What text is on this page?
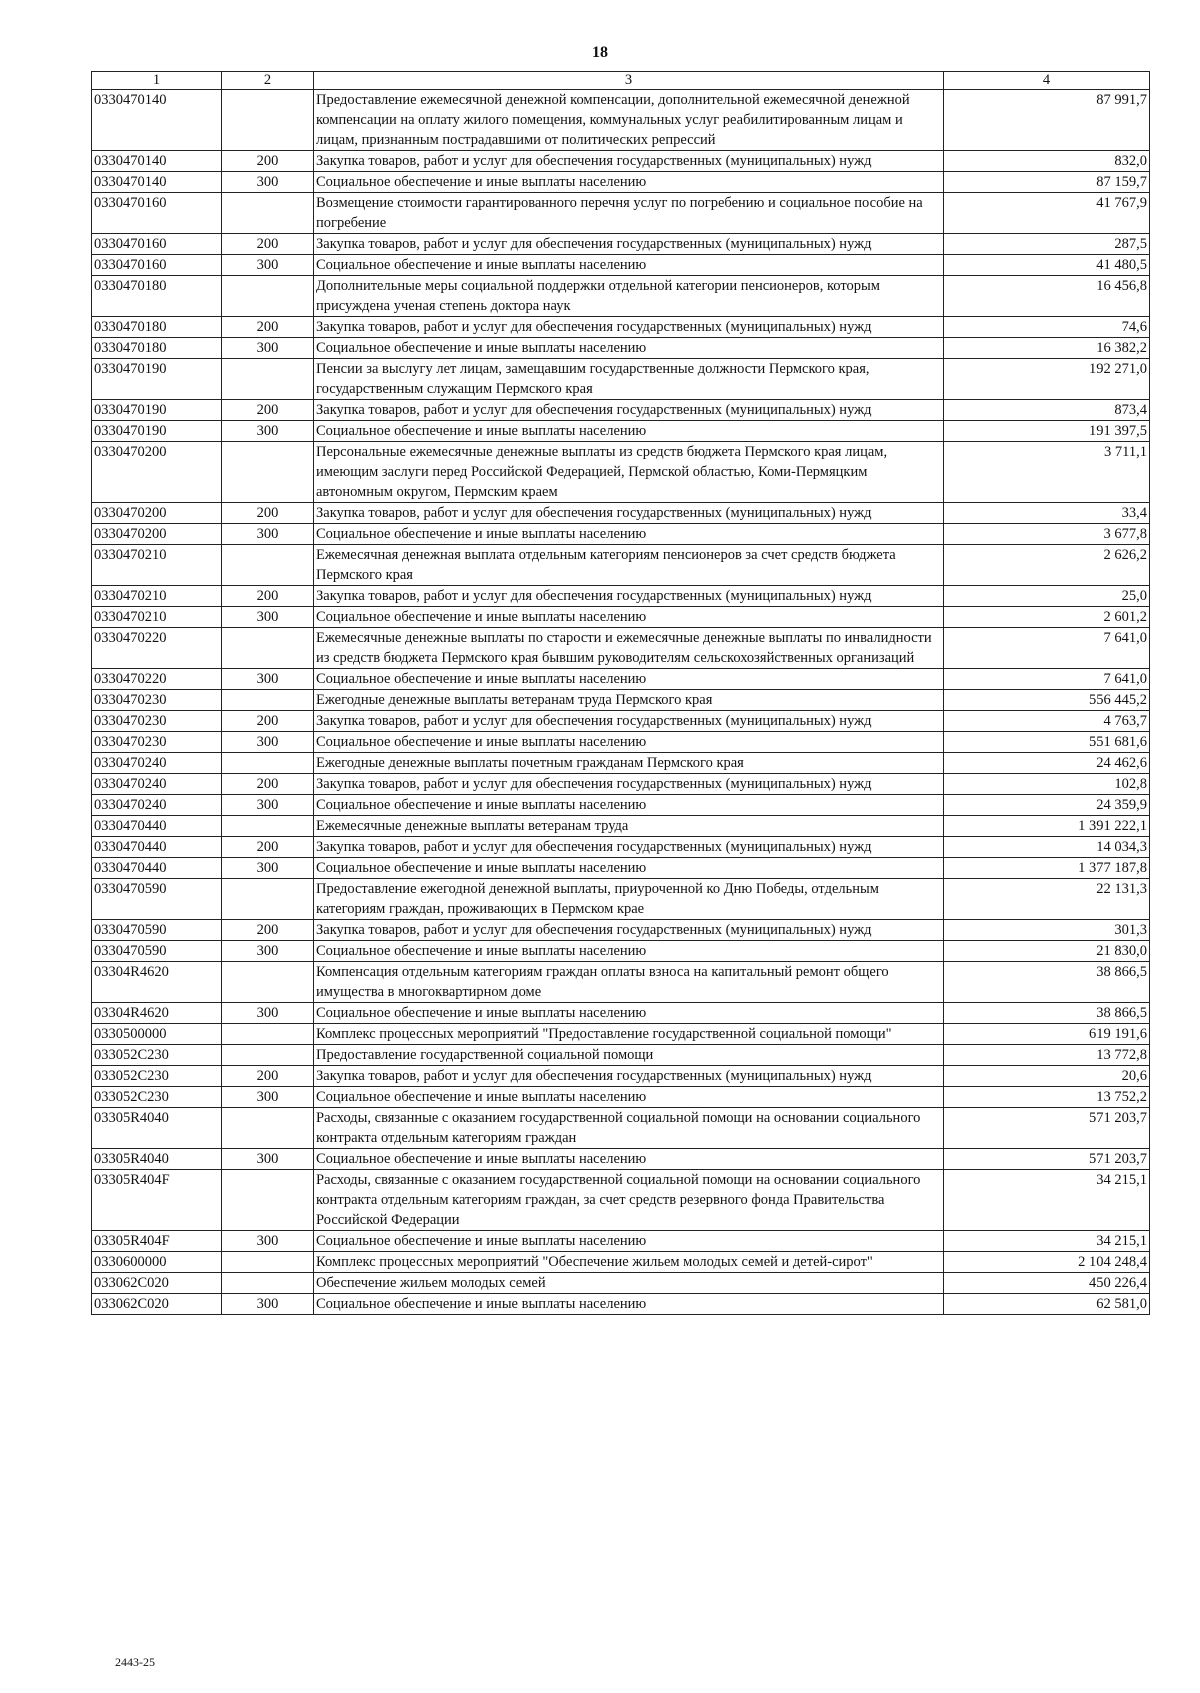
18
1	2	3	4
0330470140		Предоставление ежемесячной денежной компенсации, дополнительной ежемесячной денежной компенсации на оплату жилого помещения, коммунальных услуг реабилитированным лицам и лицам, признанным пострадавшими от политических репрессий	87 991,7
0330470140	200	Закупка товаров, работ и услуг для обеспечения государственных (муниципальных) нужд	832,0
0330470140	300	Социальное обеспечение и иные выплаты населению	87 159,7
0330470160		Возмещение стоимости гарантированного перечня услуг по погребению и социальное пособие на погребение	41 767,9
0330470160	200	Закупка товаров, работ и услуг для обеспечения государственных (муниципальных) нужд	287,5
0330470160	300	Социальное обеспечение и иные выплаты населению	41 480,5
0330470180		Дополнительные меры социальной поддержки отдельной категории пенсионеров, которым присуждена ученая степень доктора наук	16 456,8
0330470180	200	Закупка товаров, работ и услуг для обеспечения государственных (муниципальных) нужд	74,6
0330470180	300	Социальное обеспечение и иные выплаты населению	16 382,2
0330470190		Пенсии за выслугу лет лицам, замещавшим государственные должности Пермского края, государственным служащим Пермского края	192 271,0
0330470190	200	Закупка товаров, работ и услуг для обеспечения государственных (муниципальных) нужд	873,4
0330470190	300	Социальное обеспечение и иные выплаты населению	191 397,5
0330470200		Персональные ежемесячные денежные выплаты из средств бюджета Пермского края лицам, имеющим заслуги перед Российской Федерацией, Пермской областью, Коми-Пермяцким автономным округом, Пермским краем	3 711,1
0330470200	200	Закупка товаров, работ и услуг для обеспечения государственных (муниципальных) нужд	33,4
0330470200	300	Социальное обеспечение и иные выплаты населению	3 677,8
0330470210		Ежемесячная денежная выплата отдельным категориям пенсионеров за счет средств бюджета Пермского края	2 626,2
0330470210	200	Закупка товаров, работ и услуг для обеспечения государственных (муниципальных) нужд	25,0
0330470210	300	Социальное обеспечение и иные выплаты населению	2 601,2
0330470220		Ежемесячные денежные выплаты по старости и ежемесячные денежные выплаты по инвалидности из средств бюджета Пермского края бывшим руководителям сельскохозяйственных организаций	7 641,0
0330470220	300	Социальное обеспечение и иные выплаты населению	7 641,0
0330470230		Ежегодные денежные выплаты ветеранам труда Пермского края	556 445,2
0330470230	200	Закупка товаров, работ и услуг для обеспечения государственных (муниципальных) нужд	4 763,7
0330470230	300	Социальное обеспечение и иные выплаты населению	551 681,6
0330470240		Ежегодные денежные выплаты почетным гражданам Пермского края	24 462,6
0330470240	200	Закупка товаров, работ и услуг для обеспечения государственных (муниципальных) нужд	102,8
0330470240	300	Социальное обеспечение и иные выплаты населению	24 359,9
0330470440		Ежемесячные денежные выплаты ветеранам труда	1 391 222,1
0330470440	200	Закупка товаров, работ и услуг для обеспечения государственных (муниципальных) нужд	14 034,3
0330470440	300	Социальное обеспечение и иные выплаты населению	1 377 187,8
0330470590		Предоставление ежегодной денежной выплаты, приуроченной ко Дню Победы, отдельным категориям граждан, проживающих в Пермском крае	22 131,3
0330470590	200	Закупка товаров, работ и услуг для обеспечения государственных (муниципальных) нужд	301,3
0330470590	300	Социальное обеспечение и иные выплаты населению	21 830,0
03304R4620		Компенсация отдельным категориям граждан оплаты взноса на капитальный ремонт общего имущества в многоквартирном доме	38 866,5
03304R4620	300	Социальное обеспечение и иные выплаты населению	38 866,5
0330500000		Комплекс процессных мероприятий "Предоставление государственной социальной помощи"	619 191,6
033052С230		Предоставление государственной социальной помощи	13 772,8
033052С230	200	Закупка товаров, работ и услуг для обеспечения государственных (муниципальных) нужд	20,6
033052С230	300	Социальное обеспечение и иные выплаты населению	13 752,2
03305R4040		Расходы, связанные с оказанием государственной социальной помощи на основании социального контракта отдельным категориям граждан	571 203,7
03305R4040	300	Социальное обеспечение и иные выплаты населению	571 203,7
03305R404F		Расходы, связанные с оказанием государственной социальной помощи на основании социального контракта отдельным категориям граждан, за счет средств резервного фонда Правительства Российской Федерации	34 215,1
03305R404F	300	Социальное обеспечение и иные выплаты населению	34 215,1
0330600000		Комплекс процессных мероприятий "Обеспечение жильем молодых семей и детей-сирот"	2 104 248,4
033062С020		Обеспечение жильем молодых семей	450 226,4
033062С020	300	Социальное обеспечение и иные выплаты населению	62 581,0
2443-25
